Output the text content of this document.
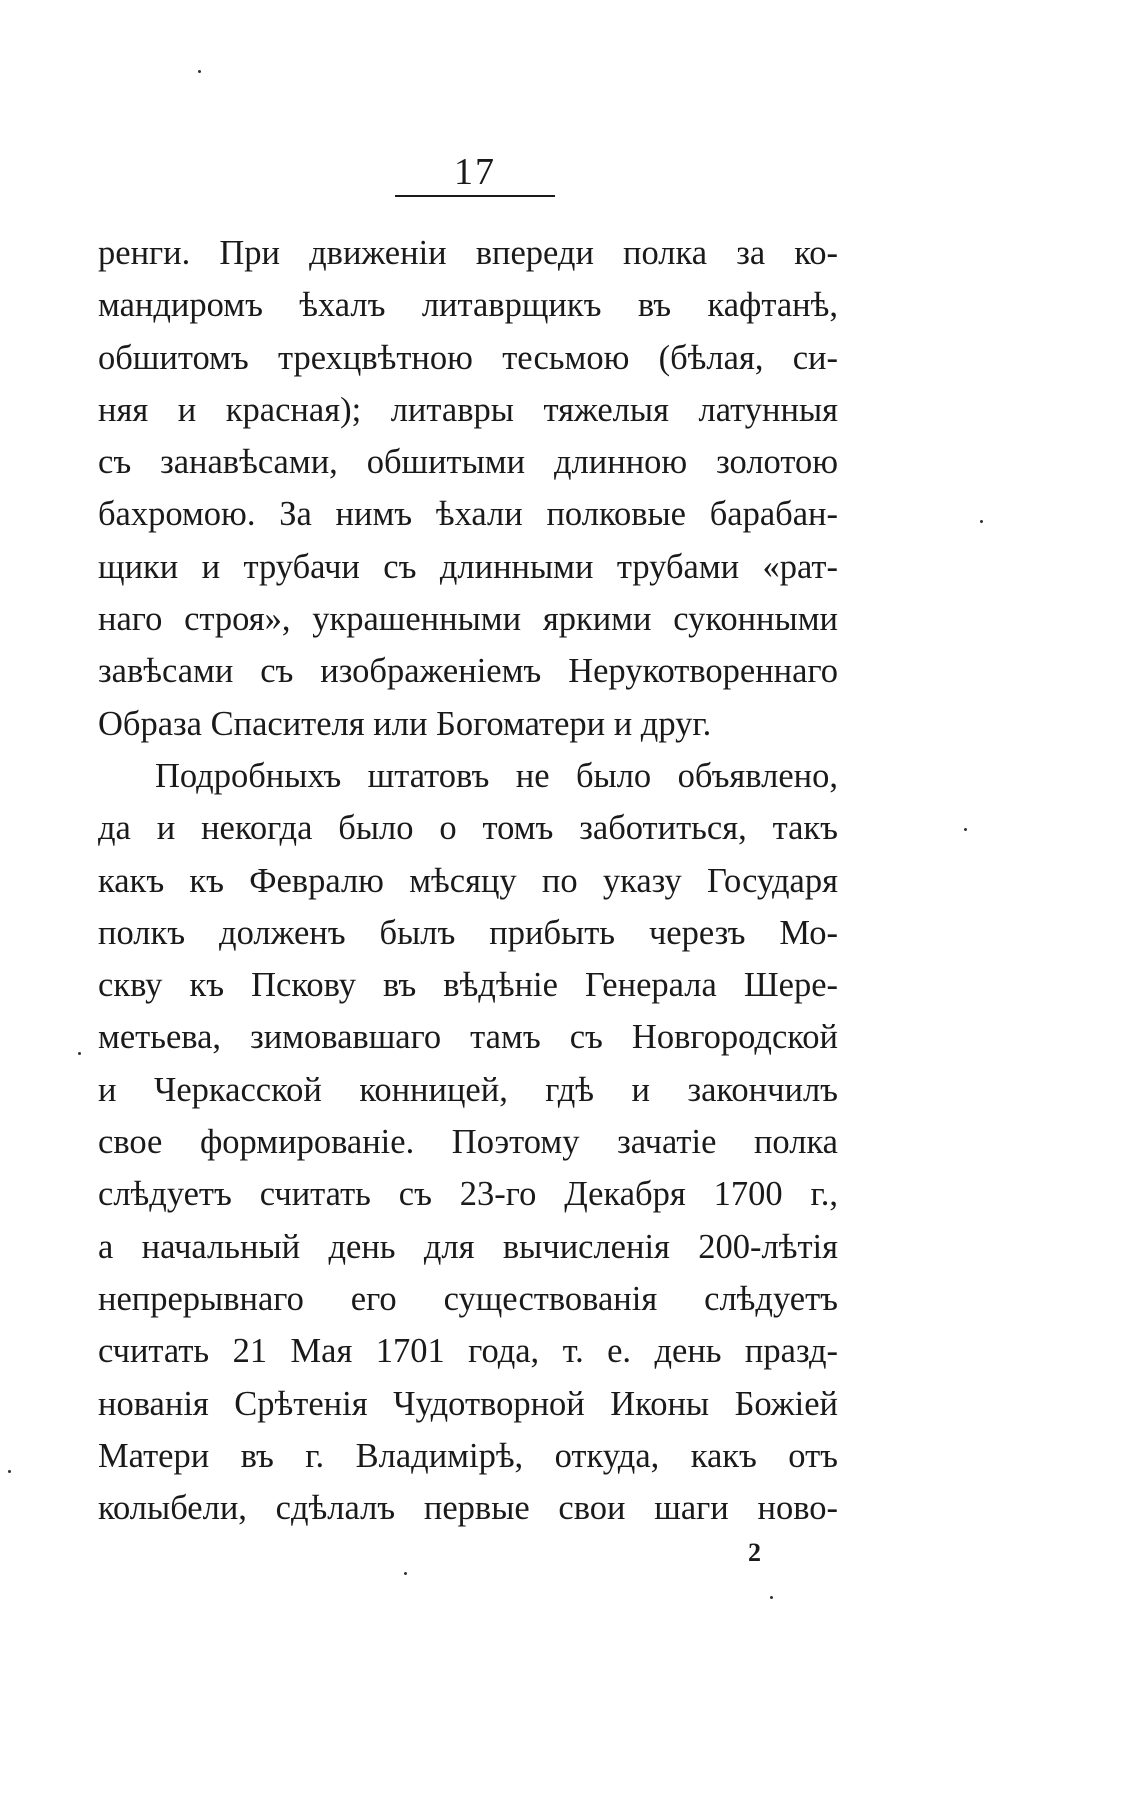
17
ренги. При движенiи впереди полка за ко-
мандиромъ ѣхалъ литаврщикъ въ кафтанѣ,
обшитомъ трехцвѣтною тесьмою (бѣлая, си-
няя и красная); литавры тяжелыя латунныя
съ занавѣсами, обшитыми длинною золотою
бахромою. За нимъ ѣхали полковые барабан-
щики и трубачи съ длинными трубами «рат-
наго строя», украшенными яркими суконными
завѣсами съ изображенiемъ Нерукотвореннаго
Образа Спасителя или Богоматери и друг.
Подробныхъ штатовъ не было объявлено,
да и некогда было о томъ заботиться, такъ
какъ къ Февралю мѣсяцу по указу Государя
полкъ долженъ былъ прибыть черезъ Мо-
скву къ Пскову въ вѣдѣнiе Генерала Шере-
метьева, зимовавшаго тамъ съ Новгородской
и Черкасской конницей, гдѣ и закончилъ
свое формированiе. Поэтому зачатiе полка
слѣдуетъ считать съ 23-го Декабря 1700 г.,
а начальный день для вычисленiя 200-лѣтiя
непрерывнаго его существованiя слѣдуетъ
считать 21 Мая 1701 года, т. е. день празд-
нованiя Срѣтенiя Чудотворной Иконы Божiей
Матери въ г. Владимiрѣ, откуда, какъ отъ
колыбели, сдѣлалъ первые свои шаги ново-
2
